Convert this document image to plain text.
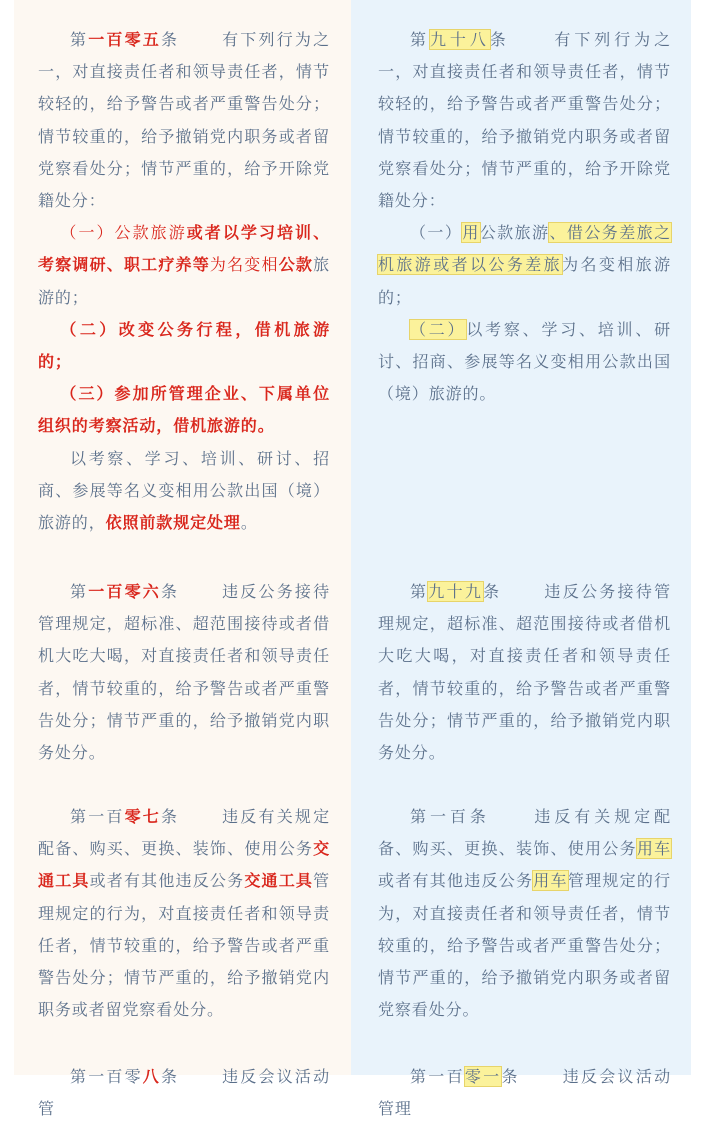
第一百零五条	有下列行为之一，对直接责任者和领导责任者，情节较轻的，给予警告或者严重警告处分；情节较重的，给予撤销党内职务或者留党察看处分；情节严重的，给予开除党籍处分：
（一）公款旅游或者以学习培训、考察调研、职工疗养等为名变相公款旅游的；
（二）改变公务行程，借机旅游的；
（三）参加所管理企业、下属单位组织的考察活动，借机旅游的。
以考察、学习、培训、研讨、招商、参展等名义变相用公款出国（境）旅游的，依照前款规定处理。
第一百零六条	违反公务接待管理规定，超标准、超范围接待或者借机大吃大喝，对直接责任者和领导责任者，情节较重的，给予警告或者严重警告处分；情节严重的，给予撤销党内职务处分。
第一百零七条	违反有关规定配备、购买、更换、装饰、使用公务交通工具或者有其他违反公务交通工具管理规定的行为，对直接责任者和领导责任者，情节较重的，给予警告或者严重警告处分；情节严重的，给予撤销党内职务或者留党察看处分。
第一百零八条	违反会议活动管
第九十八条	有下列行为之一，对直接责任者和领导责任者，情节较轻的，给予警告或者严重警告处分；情节较重的，给予撤销党内职务或者留党察看处分；情节严重的，给予开除党籍处分：
（一）用公款旅游、借公务差旅之机旅游或者以公务差旅为名变相旅游的；
（二）以考察、学习、培训、研讨、招商、参展等名义变相用公款出国（境）旅游的。
第九十九条	违反公务接待管理规定，超标准、超范围接待或者借机大吃大喝，对直接责任者和领导责任者，情节较重的，给予警告或者严重警告处分；情节严重的，给予撤销党内职务处分。
第一百条	违反有关规定配备、购买、更换、装饰、使用公务用车或者有其他违反公务用车管理规定的行为，对直接责任者和领导责任者，情节较重的，给予警告或者严重警告处分；情节严重的，给予撤销党内职务或者留党察看处分。
第一百零一条	违反会议活动管理
